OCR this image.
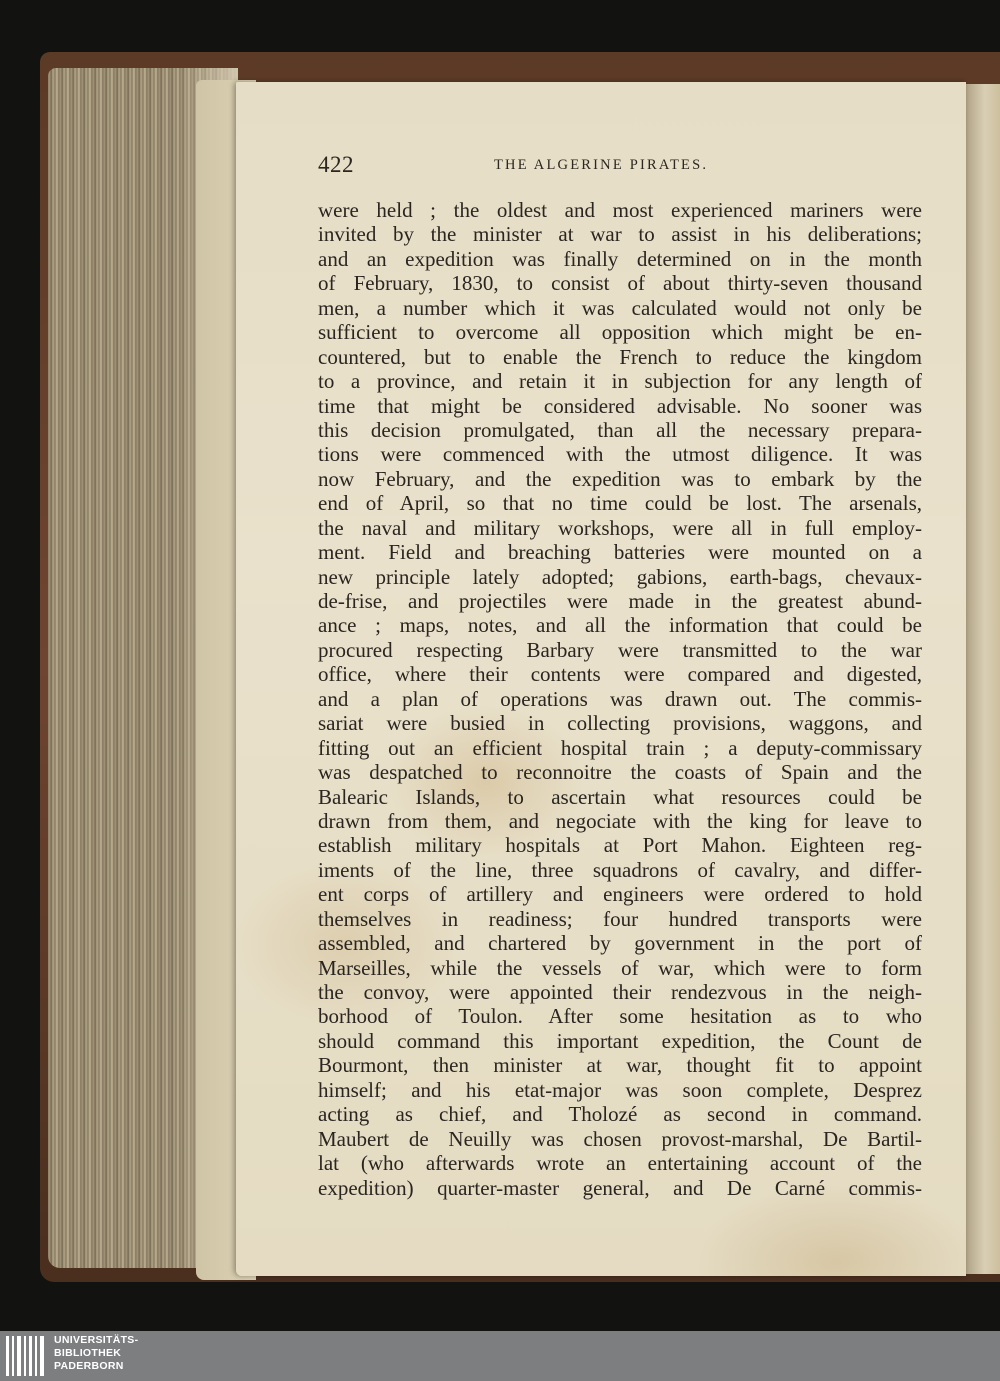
422	THE ALGERINE PIRATES.
were held ; the oldest and most experienced mariners were
invited by the minister at war to assist in his deliberations;
and an expedition was finally determined on in the month
of February, 1830, to consist of about thirty-seven thousand
men, a number which it was calculated would not only be
sufficient to overcome all opposition which might be en-
countered, but to enable the French to reduce the kingdom
to a province, and retain it in subjection for any length of
time that might be considered advisable. No sooner was
this decision promulgated, than all the necessary prepara-
tions were commenced with the utmost diligence. It was
now February, and the expedition was to embark by the
end of April, so that no time could be lost. The arsenals,
the naval and military workshops, were all in full employ-
ment. Field and breaching batteries were mounted on a
new principle lately adopted; gabions, earth-bags, chevaux-
de-frise, and projectiles were made in the greatest abund-
ance ; maps, notes, and all the information that could be
procured respecting Barbary were transmitted to the war
office, where their contents were compared and digested,
and a plan of operations was drawn out. The commis-
sariat were busied in collecting provisions, waggons, and
fitting out an efficient hospital train ; a deputy-commissary
was despatched to reconnoitre the coasts of Spain and the
Balearic Islands, to ascertain what resources could be
drawn from them, and negociate with the king for leave to
establish military hospitals at Port Mahon. Eighteen reg-
iments of the line, three squadrons of cavalry, and differ-
ent corps of artillery and engineers were ordered to hold
themselves in readiness; four hundred transports were
assembled, and chartered by government in the port of
Marseilles, while the vessels of war, which were to form
the convoy, were appointed their rendezvous in the neigh-
borhood of Toulon. After some hesitation as to who
should command this important expedition, the Count de
Bourmont, then minister at war, thought fit to appoint
himself; and his etat-major was soon complete, Desprez
acting as chief, and Tholozé as second in command.
Maubert de Neuilly was chosen provost-marshal, De Bartil-
lat (who afterwards wrote an entertaining account of the
expedition) quarter-master general, and De Carné commis-
UNIVERSITÄTS-
BIBLIOTHEK
PADERBORN
